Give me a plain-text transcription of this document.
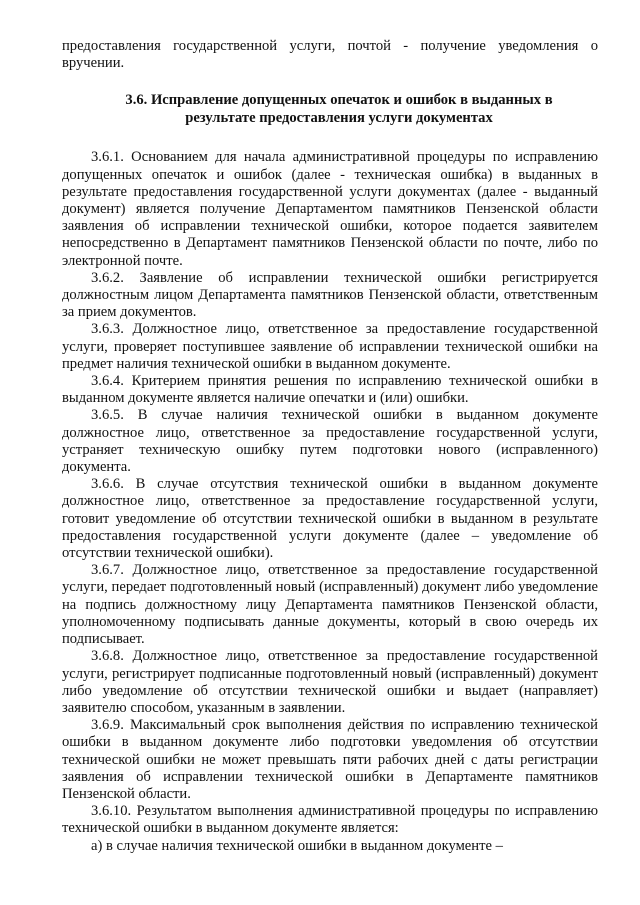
предоставления государственной услуги, почтой - получение уведомления о вручении.

3.6. Исправление допущенных опечаток и ошибок в выданных в результате предоставления услуги документах

3.6.1. Основанием для начала административной процедуры по исправлению допущенных опечаток и ошибок (далее - техническая ошибка) в выданных в результате предоставления государственной услуги документах (далее - выданный документ) является получение Департаментом памятников Пензенской области заявления об исправлении технической ошибки, которое подается заявителем непосредственно в Департамент памятников Пензенской области по почте, либо по электронной почте.

3.6.2. Заявление об исправлении технической ошибки регистрируется должностным лицом Департамента памятников Пензенской области, ответственным за прием документов.

3.6.3. Должностное лицо, ответственное за предоставление государственной услуги, проверяет поступившее заявление об исправлении технической ошибки на предмет наличия технической ошибки в выданном документе.

3.6.4. Критерием принятия решения по исправлению технической ошибки в выданном документе является наличие опечатки и (или) ошибки.

3.6.5. В случае наличия технической ошибки в выданном документе должностное лицо, ответственное за предоставление государственной услуги, устраняет техническую ошибку путем подготовки нового (исправленного) документа.

3.6.6. В случае отсутствия технической ошибки в выданном документе должностное лицо, ответственное за предоставление государственной услуги, готовит уведомление об отсутствии технической ошибки в выданном в результате предоставления государственной услуги документе (далее – уведомление об отсутствии технической ошибки).

3.6.7. Должностное лицо, ответственное за предоставление государственной услуги, передает подготовленный новый (исправленный) документ либо уведомление на подпись должностному лицу Департамента памятников Пензенской области, уполномоченному подписывать данные документы, который в свою очередь их подписывает.

3.6.8. Должностное лицо, ответственное за предоставление государственной услуги, регистрирует подписанные подготовленный новый (исправленный) документ либо уведомление об отсутствии технической ошибки и выдает (направляет) заявителю способом, указанным в заявлении.

3.6.9. Максимальный срок выполнения действия по исправлению технической ошибки в выданном документе либо подготовки уведомления об отсутствии технической ошибки не может превышать пяти рабочих дней с даты регистрации заявления об исправлении технической ошибки в Департаменте памятников Пензенской области.

3.6.10. Результатом выполнения административной процедуры по исправлению технической ошибки в выданном документе является:

а) в случае наличия технической ошибки в выданном документе –
